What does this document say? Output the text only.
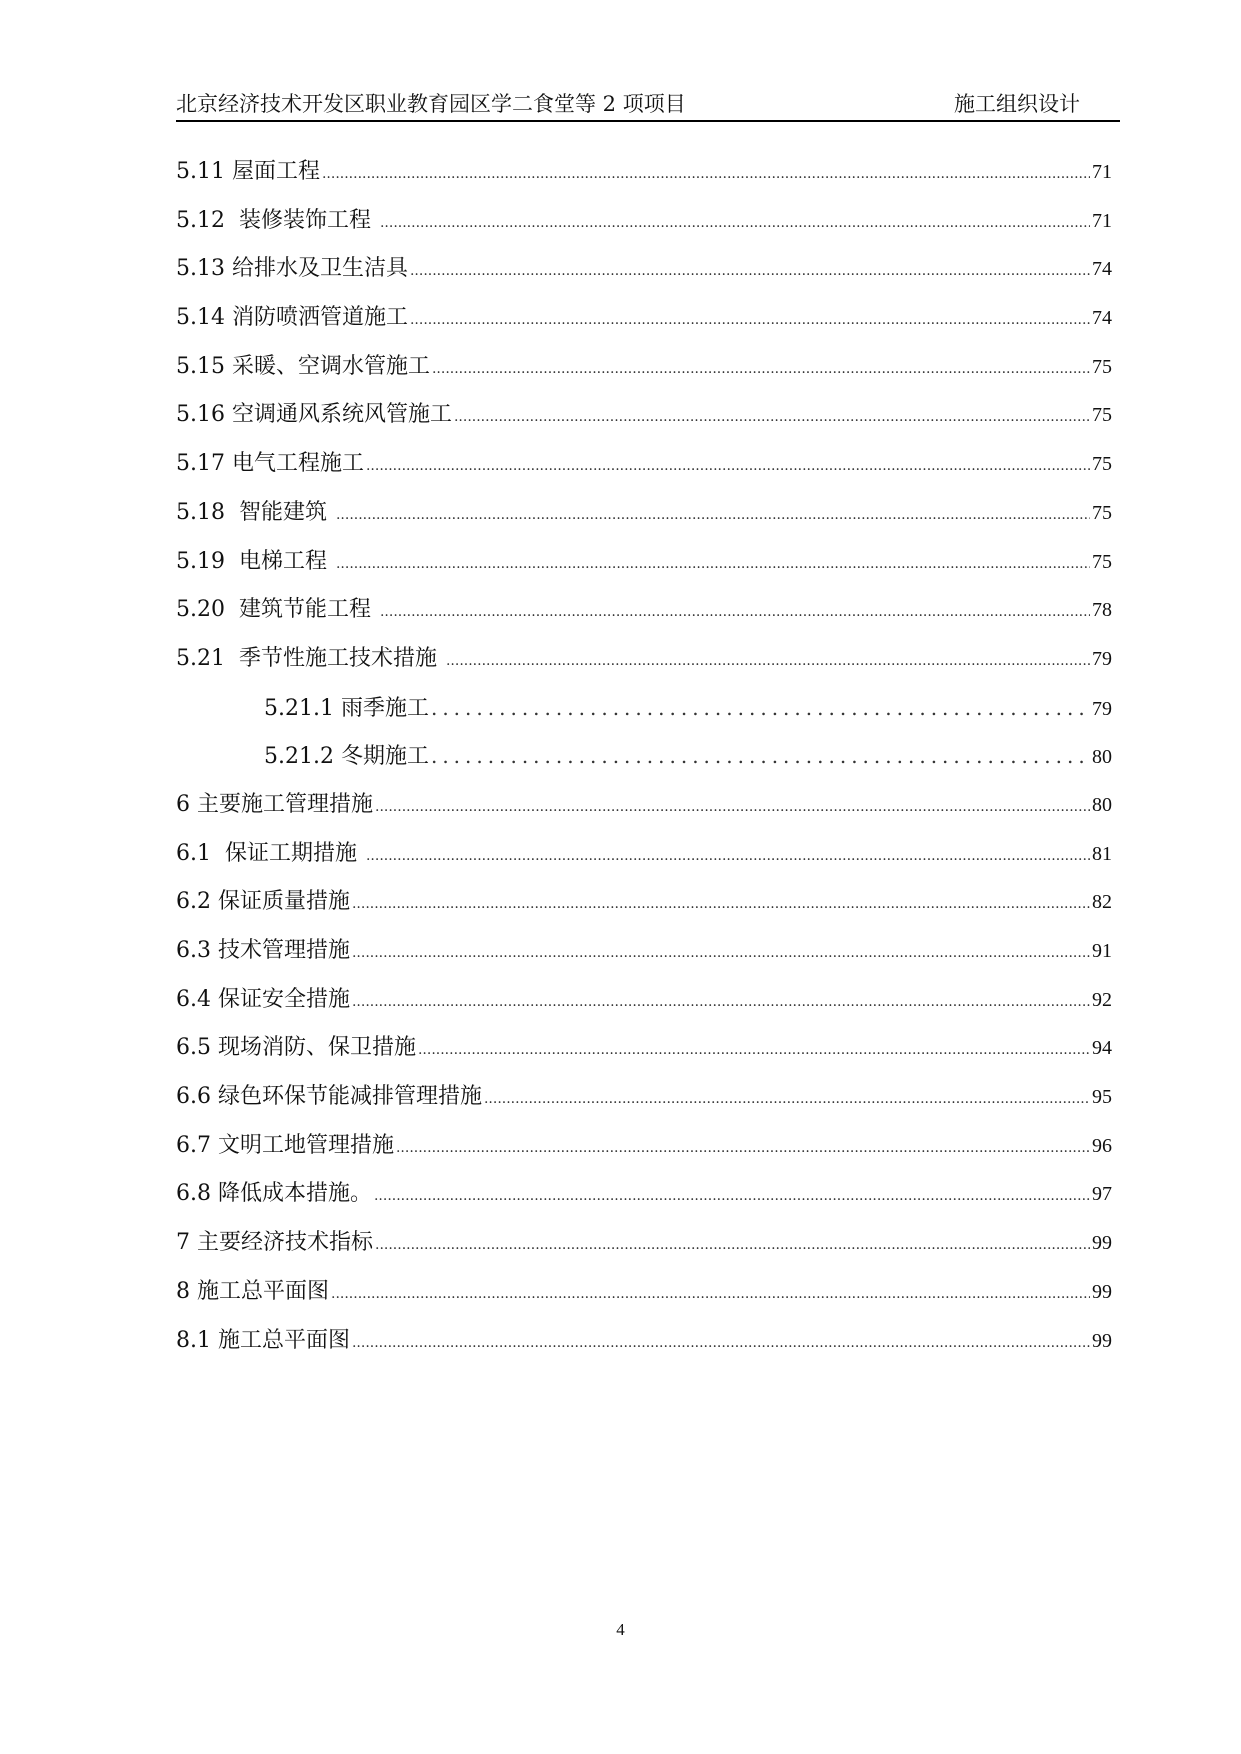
北京经济技术开发区职业教育园区学二食堂等 2 项项目	施工组织设计
5.11 屋面工程 .....	71
5.12  装修装饰工程 .....	71
5.13 给排水及卫生洁具 .....	74
5.14 消防喷洒管道施工 .....	74
5.15 采暖、空调水管施工 .....	75
5.16 空调通风系统风管施工 .....	75
5.17 电气工程施工 .....	75
5.18  智能建筑 .....	75
5.19  电梯工程 .....	75
5.20  建筑节能工程 .....	78
5.21  季节性施工技术措施 .....	79
5.21.1 雨季施工 .....	79
5.21.2 冬期施工 .....	80
6 主要施工管理措施 .....	80
6.1  保证工期措施 .....	81
6.2 保证质量措施 .....	82
6.3 技术管理措施 .....	91
6.4 保证安全措施 .....	92
6.5 现场消防、保卫措施 .....	94
6.6 绿色环保节能减排管理措施 .....	95
6.7 文明工地管理措施 .....	96
6.8 降低成本措施。 .....	97
7 主要经济技术指标 .....	99
8 施工总平面图 .....	99
8.1 施工总平面图 .....	99
4
